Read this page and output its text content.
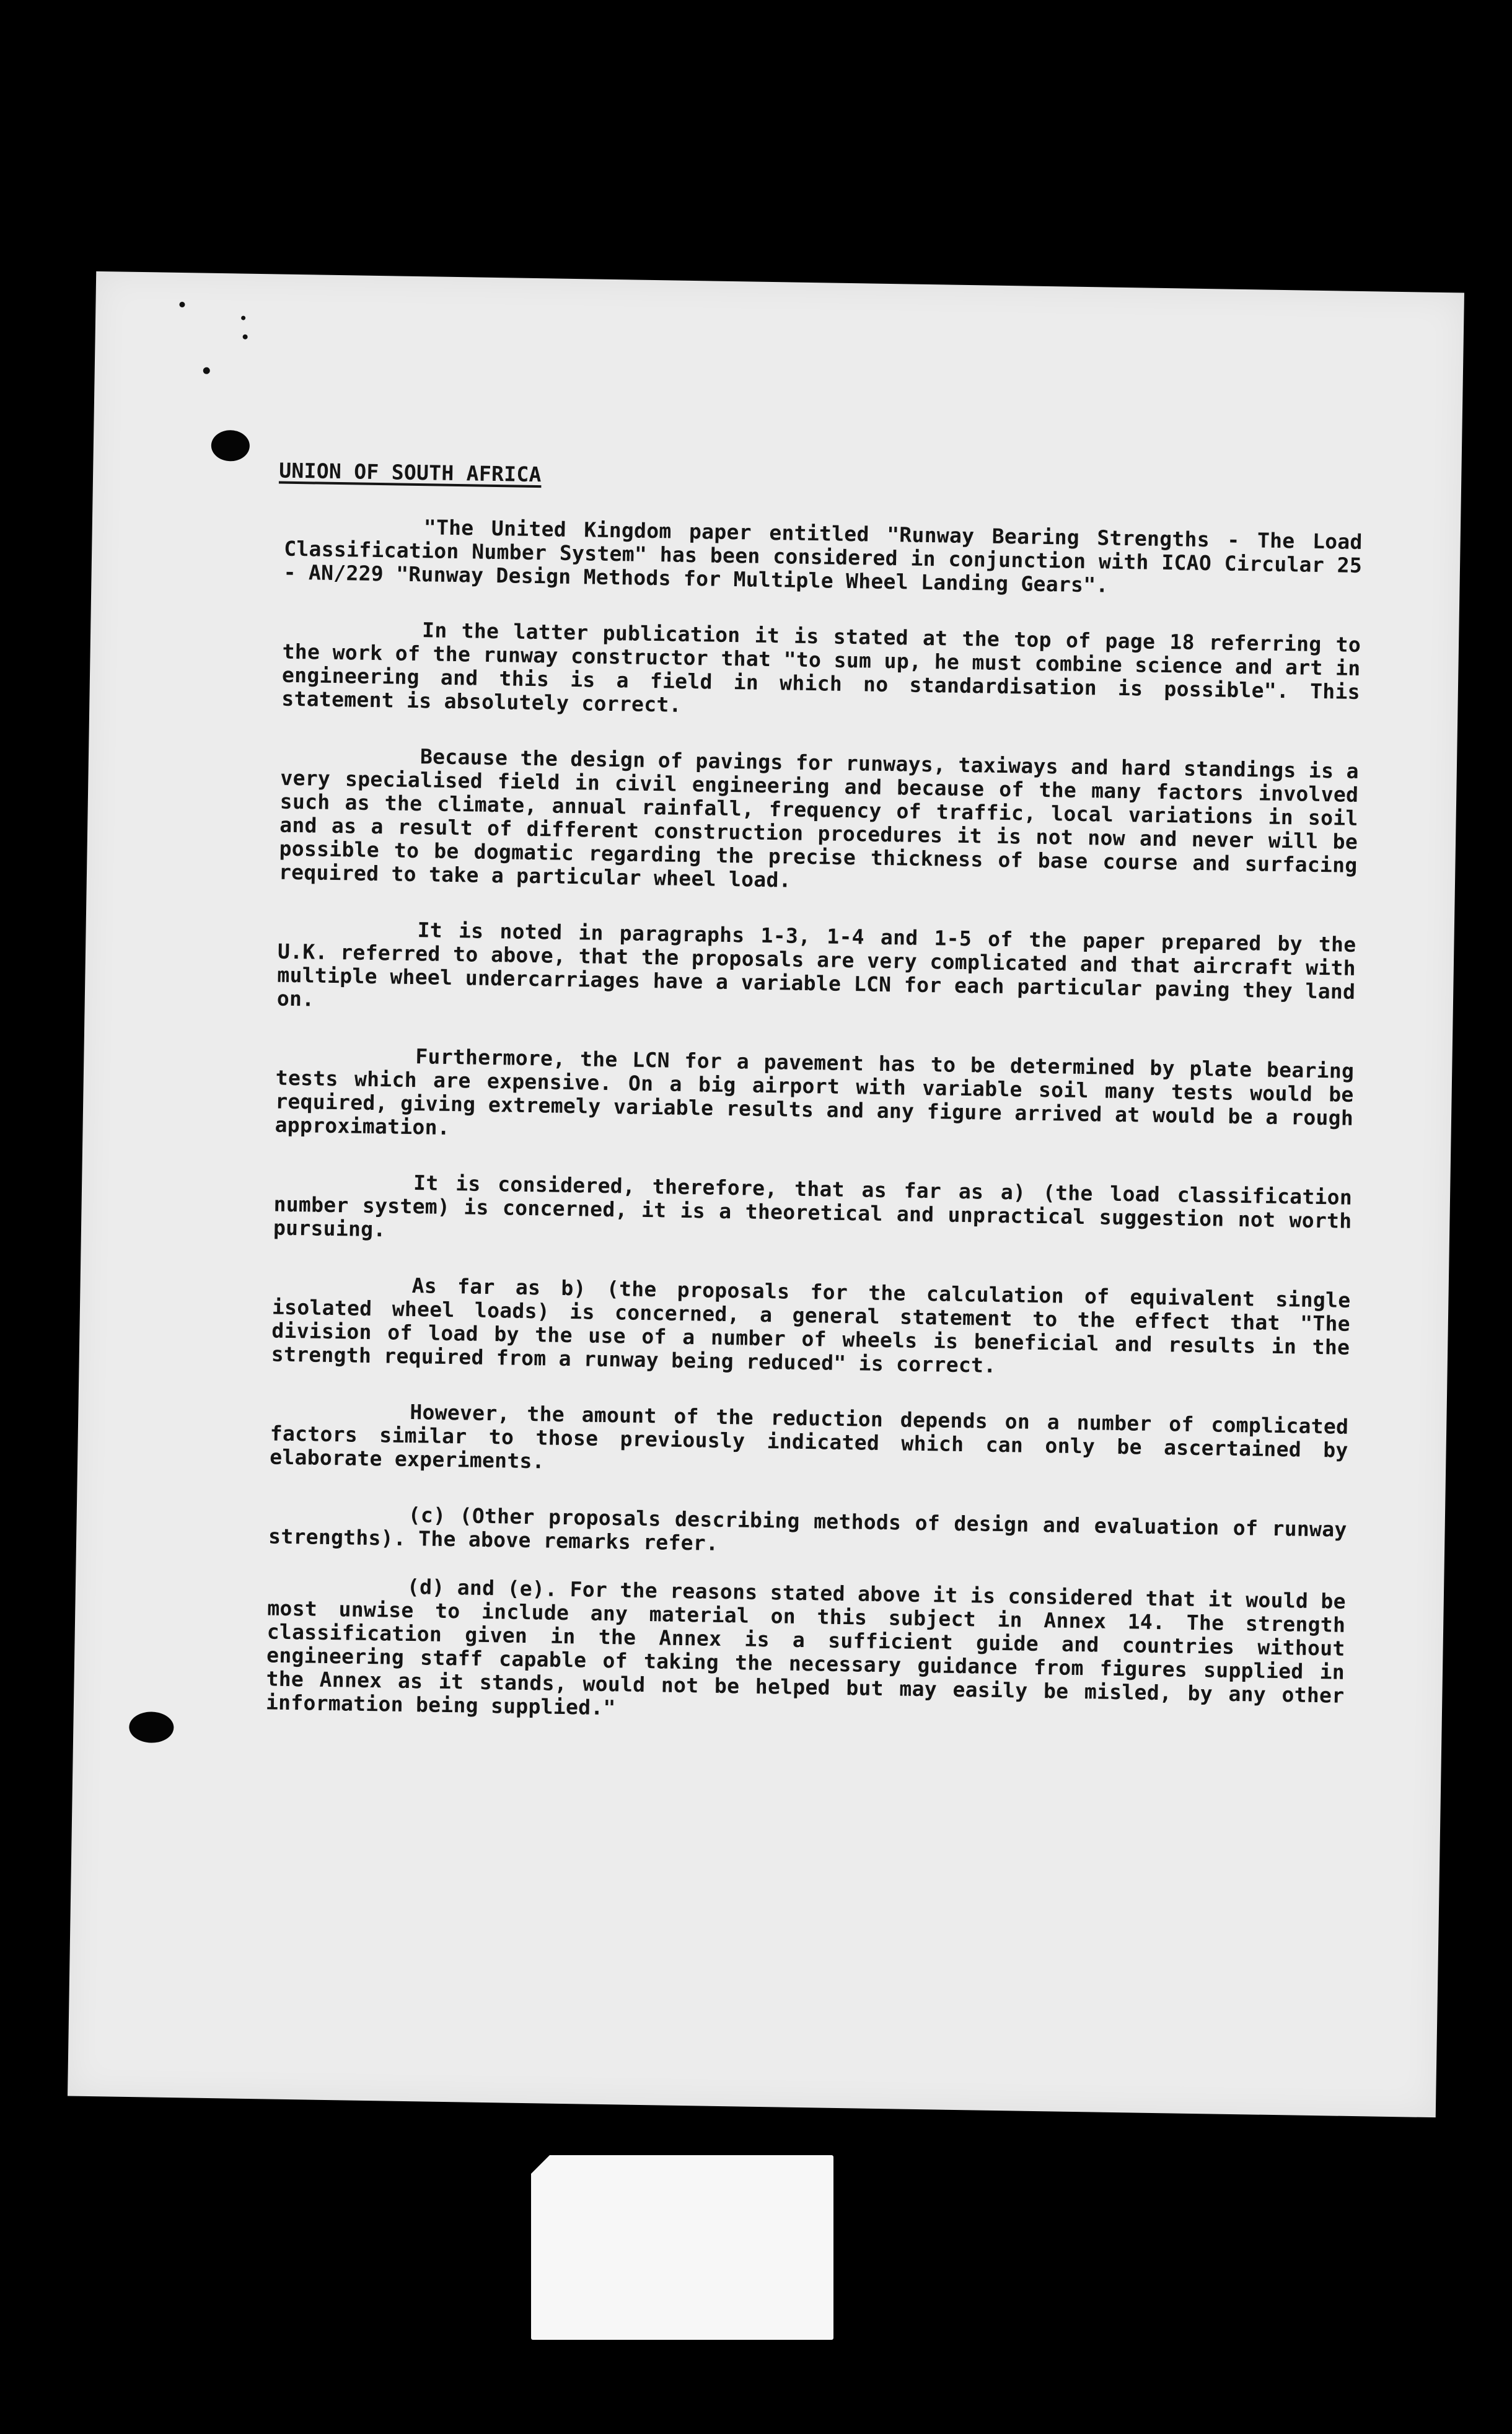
UNION OF SOUTH AFRICA

"The United Kingdom paper entitled "Runway Bearing Strengths - The Load Classification Number System" has been considered in conjunction with ICAO Circular 25 - AN/229 "Runway Design Methods for Multiple Wheel Landing Gears".

In the latter publication it is stated at the top of page 18 referring to the work of the runway constructor that "to sum up, he must combine science and art in engineering and this is a field in which no standardisation is possible". This statement is absolutely correct.

Because the design of pavings for runways, taxiways and hard standings is a very specialised field in civil engineering and because of the many factors involved such as the climate, annual rainfall, frequency of traffic, local variations in soil and as a result of different construction procedures it is not now and never will be possible to be dogmatic regarding the precise thickness of base course and surfacing required to take a particular wheel load.

It is noted in paragraphs 1-3, 1-4 and 1-5 of the paper prepared by the U.K. referred to above, that the proposals are very complicated and that aircraft with multiple wheel undercarriages have a variable LCN for each particular paving they land on.

Furthermore, the LCN for a pavement has to be determined by plate bearing tests which are expensive. On a big airport with variable soil many tests would be required, giving extremely variable results and any figure arrived at would be a rough approximation.

It is considered, therefore, that as far as a) (the load classification number system) is concerned, it is a theoretical and unpractical suggestion not worth pursuing.

As far as b) (the proposals for the calculation of equivalent single isolated wheel loads) is concerned, a general statement to the effect that "The division of load by the use of a number of wheels is beneficial and results in the strength required from a runway being reduced" is correct.

However, the amount of the reduction depends on a number of complicated factors similar to those previously indicated which can only be ascertained by elaborate experiments.

(c) (Other proposals describing methods of design and evaluation of runway strengths). The above remarks refer.

(d) and (e). For the reasons stated above it is considered that it would be most unwise to include any material on this subject in Annex 14. The strength classification given in the Annex is a sufficient guide and countries without engineering staff capable of taking the necessary guidance from figures supplied in the Annex as it stands, would not be helped but may easily be misled, by any other information being supplied."
